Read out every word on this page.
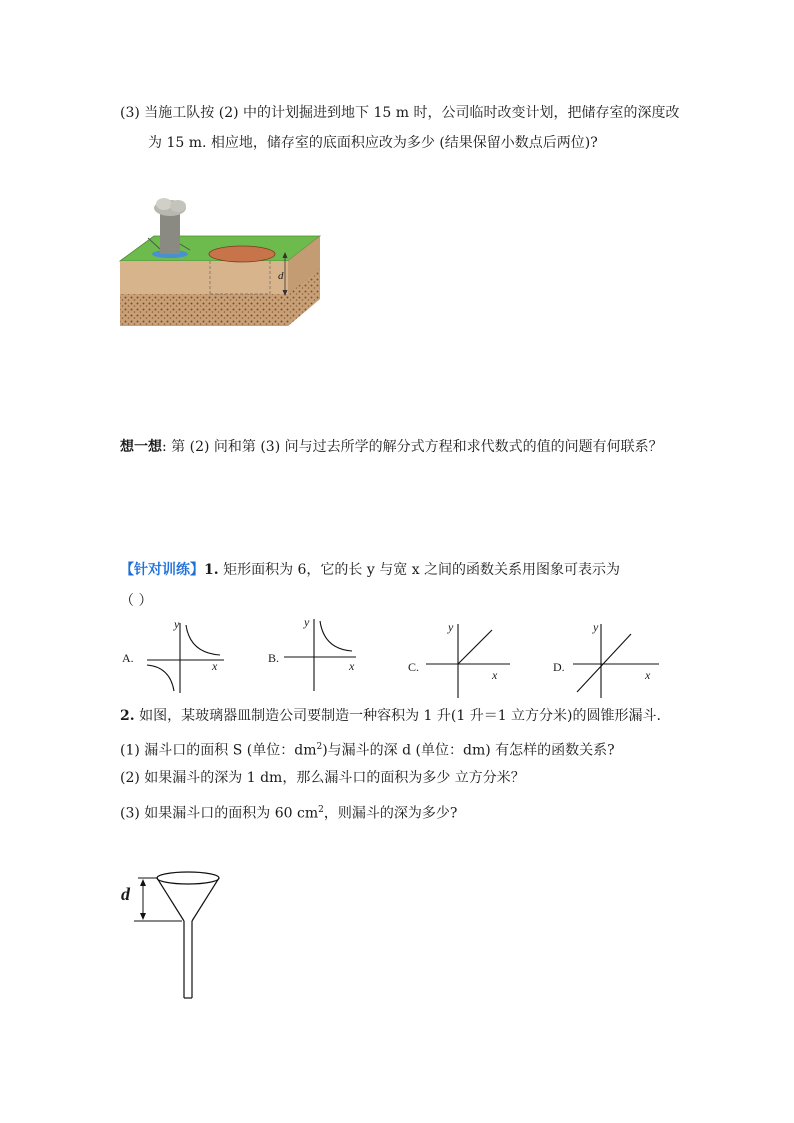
(3) 当施工队按 (2) 中的计划掘进到地下 15 m 时，公司临时改变计划，把储存室的深度改
为 15 m. 相应地，储存室的底面积应改为多少 (结果保留小数点后两位)?
d
想一想: 第 (2) 问和第 (3) 问与过去所学的解分式方程和求代数式的值的问题有何联系？
【针对训练】1. 矩形面积为 6，它的长 y 与宽 x 之间的函数关系用图象可表示为
（ ）
A.
y
x
B.
y
x	C.
y
x
D.
y
x
2. 如图，某玻璃器皿制造公司要制造一种容积为 1 升(1 升＝1 立方分米)的圆锥形漏斗.
(1) 漏斗口的面积 S (单位：$dm^2$)与漏斗的深 d (单位：dm) 有怎样的函数关系?
(2) 如果漏斗的深为 1 dm，那么漏斗口的面积为多少 立方分米？
(3) 如果漏斗口的面积为 60 $cm^2$，则漏斗的深为多少?
d
